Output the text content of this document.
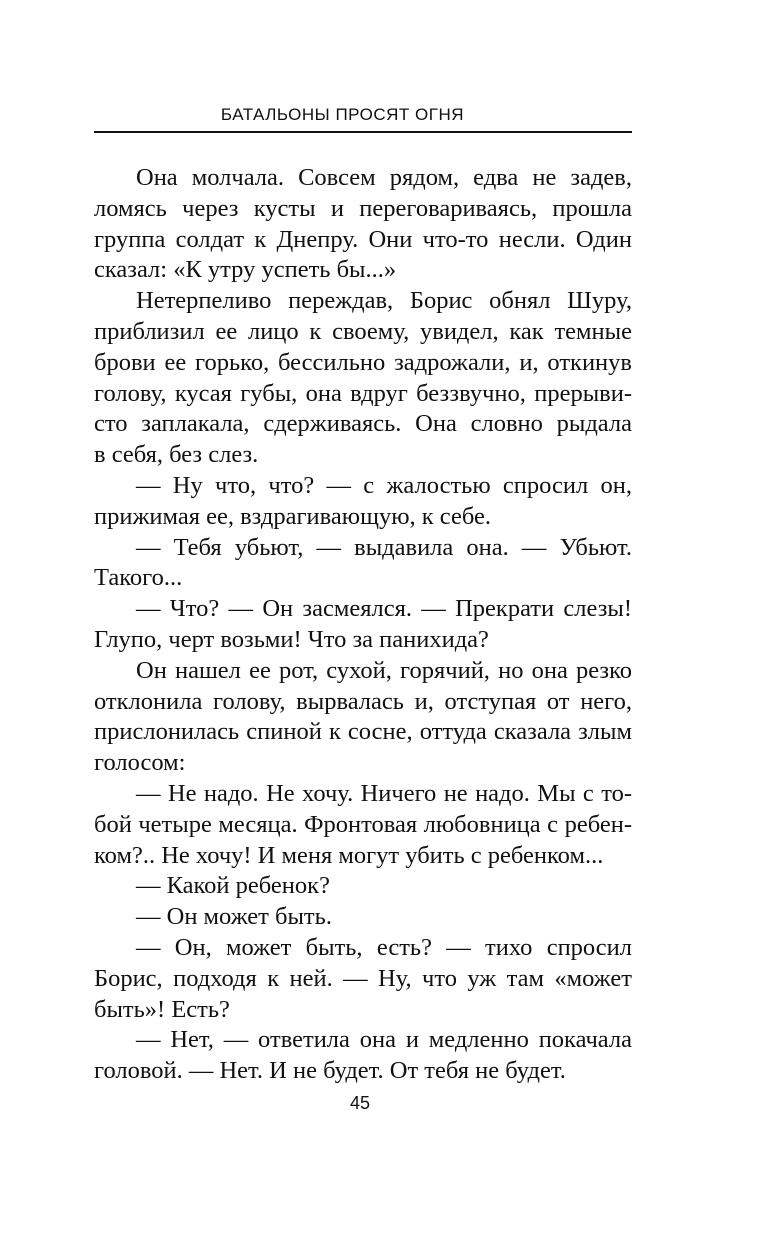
БАТАЛЬОНЫ ПРОСЯТ ОГНЯ
Она молчала. Совсем рядом, едва не задев,
ломясь через кусты и переговариваясь, прошла
группа солдат к Днепру. Они что-то несли. Один
сказал: «К утру успеть бы...»
Нетерпеливо переждав, Борис обнял Шуру,
приблизил ее лицо к своему, увидел, как темные
брови ее горько, бессильно задрожали, и, откинув
голову, кусая губы, она вдруг беззвучно, прерыви-
сто заплакала, сдерживаясь. Она словно рыдала
в себя, без слез.
— Ну что, что? — с жалостью спросил он,
прижимая ее, вздрагивающую, к себе.
— Тебя убьют, — выдавила она. — Убьют.
Такого...
— Что? — Он засмеялся. — Прекрати слезы!
Глупо, черт возьми! Что за панихида?
Он нашел ее рот, сухой, горячий, но она резко
отклонила голову, вырвалась и, отступая от него,
прислонилась спиной к сосне, оттуда сказала злым
голосом:
— Не надо. Не хочу. Ничего не надо. Мы с то-
бой четыре месяца. Фронтовая любовница с ребен-
ком?.. Не хочу! И меня могут убить с ребенком...
— Какой ребенок?
— Он может быть.
— Он, может быть, есть? — тихо спросил
Борис, подходя к ней. — Ну, что уж там «может
быть»! Есть?
— Нет, — ответила она и медленно покачала
головой. — Нет. И не будет. От тебя не будет.
45
